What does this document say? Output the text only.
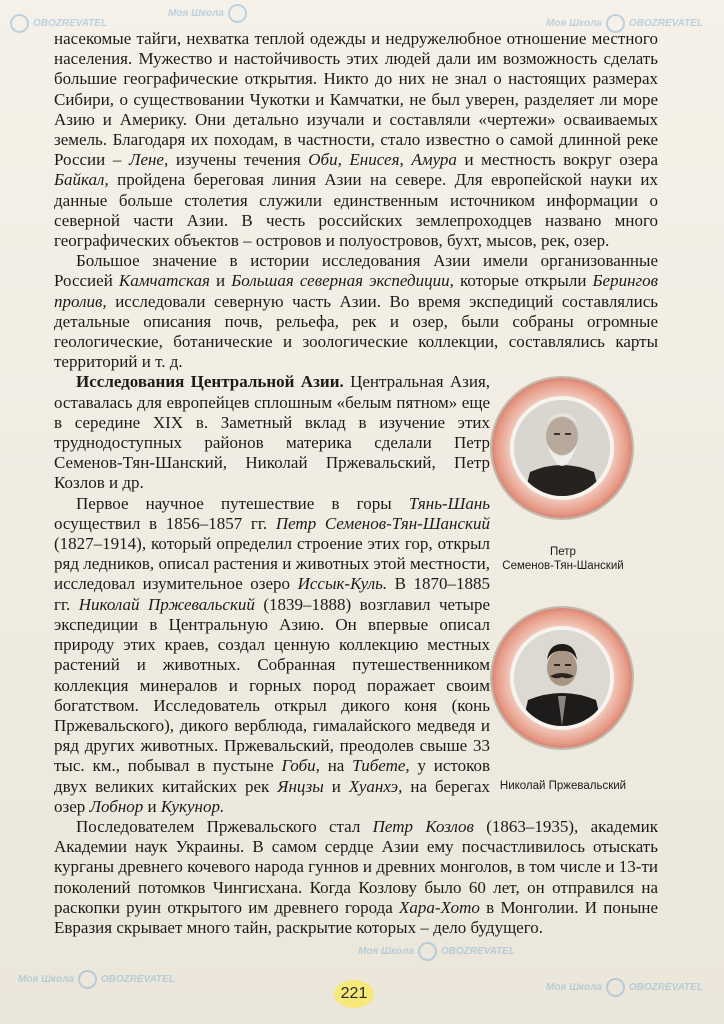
OBOZREVATEL
Моя Школа
Моя Школа	OBOZREVATEL
Моя Школа	OBOZREVATEL
Моя Школа	OBOZREVATEL
Моя Школа	OBOZREVATEL

насекомые тайги, нехватка теплой одежды и недружелюбное отношение местного населения. Мужество и настойчивость этих людей дали им возможность сделать большие географические открытия. Никто до них не знал о настоящих размерах Сибири, о существовании Чукотки и Камчатки, не был уверен, разделяет ли море Азию и Америку. Они детально изучали и составляли «чертежи» осваиваемых земель. Благодаря их походам, в частности, стало известно о самой длинной реке России – Лене, изучены течения Оби, Енисея, Амура и местность вокруг озера Байкал, пройдена береговая линия Азии на севере. Для европейской науки их данные больше столетия служили единственным источником информации о северной части Азии. В честь российских землепроходцев названо много географических объектов – островов и полуостровов, бухт, мысов, рек, озер.

Большое значение в истории исследования Азии имели организованные Россией Камчатская и Большая северная экспедиции, которые открыли Берингов пролив, исследовали северную часть Азии. Во время экспедиций составлялись детальные описания почв, рельефа, рек и озер, были собраны огромные геологические, ботанические и зоологические коллекции, составлялись карты территорий и т. д.

Исследования Центральной Азии. Центральная Азия, оставалась для европейцев сплошным «белым пятном» еще в середине XIX в. Заметный вклад в изучение этих труднодоступных районов материка сделали Петр Семенов-Тян-Шанский, Николай Пржевальский, Петр Козлов и др.

Первое научное путешествие в горы Тянь-Шань осуществил в 1856–1857 гг. Петр Семенов-Тян-Шанский (1827–1914), который определил строение этих гор, открыл ряд ледников, описал растения и животных этой местности, исследовал изумительное озеро Иссык-Куль. В 1870–1885 гг. Николай Пржевальский (1839–1888) возглавил четыре экспедиции в Центральную Азию. Он впервые описал природу этих краев, создал ценную коллекцию местных растений и животных. Собранная путешественником коллекция минералов и горных пород поражает своим богатством. Исследователь открыл дикого коня (конь Пржевальского), дикого верблюда, гималайского медведя и ряд других животных. Пржевальский, преодолев свыше 33 тыс. км., побывал в пустыне Гоби, на Тибете, у истоков двух великих китайских рек Янцзы и Хуанхэ, на берегах озер Лобнор и Кукунор.

Последователем Пржевальского стал Петр Козлов (1863–1935), академик Академии наук Украины. В самом сердце Азии ему посчастливилось отыскать курганы древнего кочевого народа гуннов и древних монголов, в том числе и 13-ти поколений потомков Чингисхана. Когда Козлову было 60 лет, он отправился на раскопки руин открытого им древнего города Хара-Хото в Монголии. И поныне Евразия скрывает много тайн, раскрытие которых – дело будущего.

Петр
Семенов-Тян-Шанский
Николай Пржевальский
221
